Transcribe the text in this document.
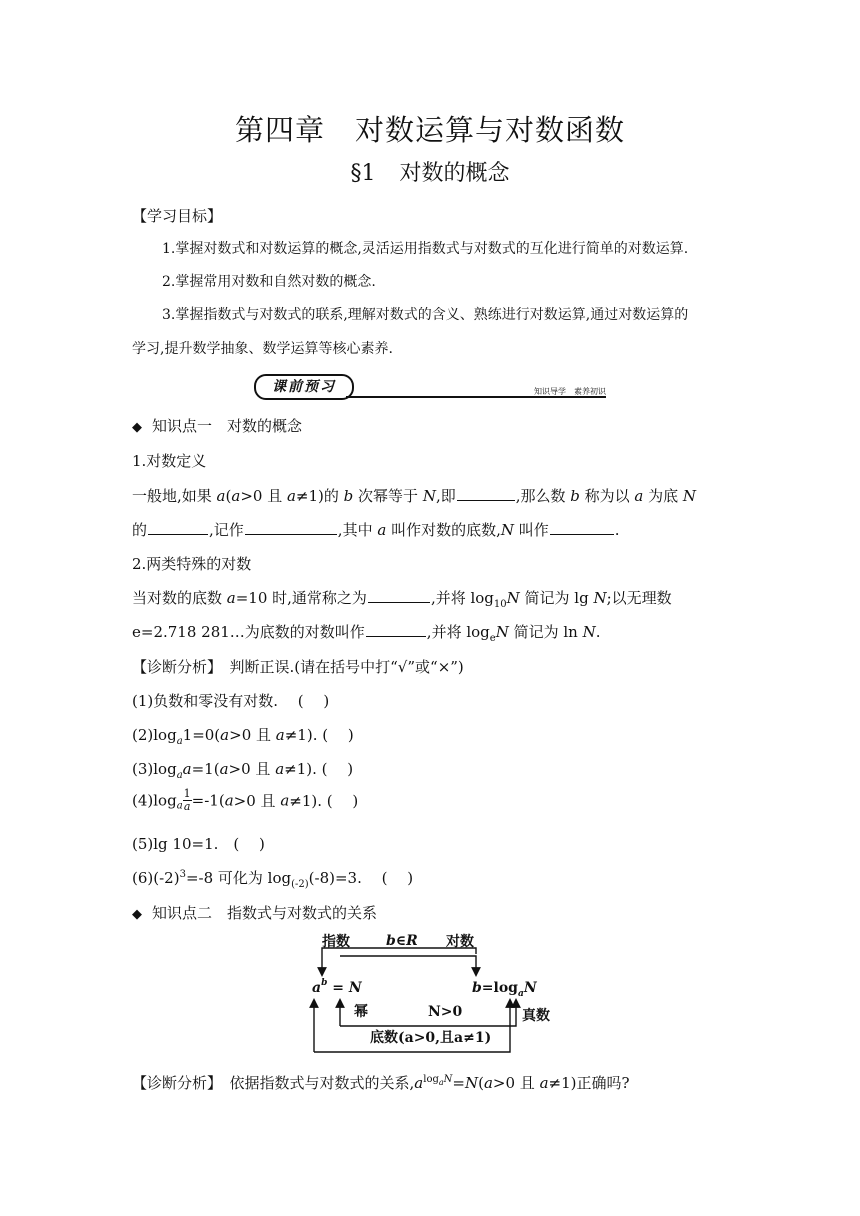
第四章　对数运算与对数函数
§1 对数的概念
【学习目标】
1.掌握对数式和对数运算的概念,灵活运用指数式与对数式的互化进行简单的对数运算.
2.掌握常用对数和自然对数的概念.
3.掌握指数式与对数式的联系,理解对数式的含义、熟练进行对数运算,通过对数运算的
学习,提升数学抽象、数学运算等核心素养.
课前预习	知识导学　素养初识
◆ 知识点一　对数的概念
1.对数定义
一般地,如果 a(a>0 且 a≠1)的 b 次幂等于 N,即	,那么数 b 称为以 a 为底 N
的	,记作	,其中 a 叫作对数的底数,N 叫作	.
2.两类特殊的对数
当对数的底数 a=10 时,通常称之为	,并将 $\log_{10}N$ 简记为 lg N;以无理数
e=2.718 281…为底数的对数叫作	,并将 $\log_eN$ 简记为 ln N.
【诊断分析】　判断正误.(请在括号中打“√”或“×”)
(1)负数和零没有对数.　 (　 )
$(2)\log_a1=0(a>0$ 且 a≠1). (　 )
$(3)\log_aa=1(a>0$ 且 a≠1). (　 )
$(4)\log_a \frac{1}{a} =-1(a>0$ 且 a≠1). (　 )
(5)lg 10=1.　(　 )
$(6)(-2)^3=-8$ 可化为 $\log_{(-2)}(-8)=3$.　 (　 )
◆ 知识点二　指数式与对数式的关系
指数	b∈R 对数
$a^b = N$	$b=\log_aN$
幂	N>0	真数
底数(a>0,且a≠1)
【诊断分析】　依据指数式与对数式的关系$,a^{log_aN}=N(a>0$ 且 a≠1)正确吗?
